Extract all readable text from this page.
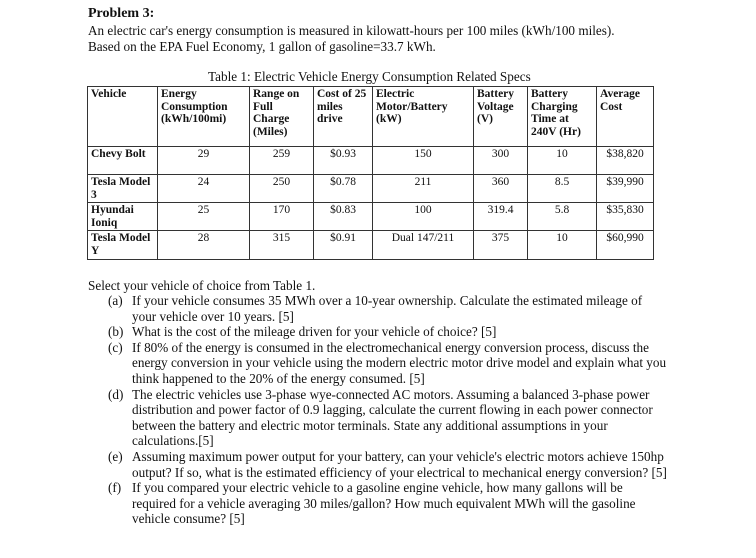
Problem 3:
An electric car's energy consumption is measured in kilowatt-hours per 100 miles (kWh/100 miles).
Based on the EPA Fuel Economy, 1 gallon of gasoline=33.7 kWh.
Table 1: Electric Vehicle Energy Consumption Related Specs
Vehicle	Energy Consumption (kWh/100mi)	Range on Full Charge (Miles)	Cost of 25 miles drive	Electric Motor/Battery (kW)	Battery Voltage (V)	Battery Charging Time at 240V (Hr)	Average Cost
Chevy Bolt	29	259	$0.93	150	300	10	$38,820
Tesla Model 3	24	250	$0.78	211	360	8.5	$39,990
Hyundai Ioniq	25	170	$0.83	100	319.4	5.8	$35,830
Tesla Model Y	28	315	$0.91	Dual 147/211	375	10	$60,990
Select your vehicle of choice from Table 1.
(a) If your vehicle consumes 35 MWh over a 10-year ownership. Calculate the estimated mileage of your vehicle over 10 years. [5]
(b) What is the cost of the mileage driven for your vehicle of choice? [5]
(c) If 80% of the energy is consumed in the electromechanical energy conversion process, discuss the energy conversion in your vehicle using the modern electric motor drive model and explain what you think happened to the 20% of the energy consumed. [5]
(d) The electric vehicles use 3-phase wye-connected AC motors. Assuming a balanced 3-phase power distribution and power factor of 0.9 lagging, calculate the current flowing in each power connector between the battery and electric motor terminals. State any additional assumptions in your calculations.[5]
(e) Assuming maximum power output for your battery, can your vehicle's electric motors achieve 150hp output? If so, what is the estimated efficiency of your electrical to mechanical energy conversion? [5]
(f) If you compared your electric vehicle to a gasoline engine vehicle, how many gallons will be required for a vehicle averaging 30 miles/gallon? How much equivalent MWh will the gasoline vehicle consume? [5]
